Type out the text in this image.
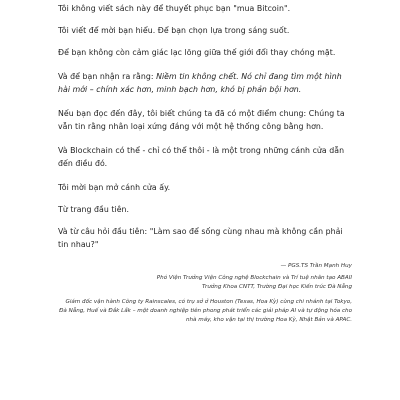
Tôi không viết sách này để thuyết phục bạn "mua Bitcoin".

Tôi viết để mời bạn hiểu. Để bạn chọn lựa trong sáng suốt.

Để bạn không còn cảm giác lạc lõng giữa thế giới đổi thay chóng mặt.

Và để bạn nhận ra rằng: Niềm tin không chết. Nó chỉ đang tìm một hình hài mới – chính xác hơn, minh bạch hơn, khó bị phản bội hơn.

Nếu bạn đọc đến đây, tôi biết chúng ta đã có một điểm chung: Chúng ta vẫn tin rằng nhân loại xứng đáng với một hệ thống công bằng hơn.

Và Blockchain có thể - chỉ có thể thôi - là một trong những cánh cửa dẫn đến điều đó.

Tôi mời bạn mở cánh cửa ấy.

Từ trang đầu tiên.

Và từ câu hỏi đầu tiên: "Làm sao để sống cùng nhau mà không cần phải tin nhau?"

— PGS.TS Trần Mạnh Huy
Phó Viện Trưởng Viện Công nghệ Blockchain và Trí tuệ nhân tạo ABAII
Trưởng Khoa CNTT, Trường Đại học Kiến trúc Đà Nẵng
Giám đốc vận hành Công ty Rainscales, có trụ sở ở Houston (Texas, Hoa Kỳ) cùng chi nhánh tại Tokyo, Đà Nẵng, Huế và Đắk Lắk – một doanh nghiệp tiên phong phát triển các giải pháp AI và tự động hóa cho nhà máy, kho vận tại thị trường Hoa Kỳ, Nhật Bản và APAC.
